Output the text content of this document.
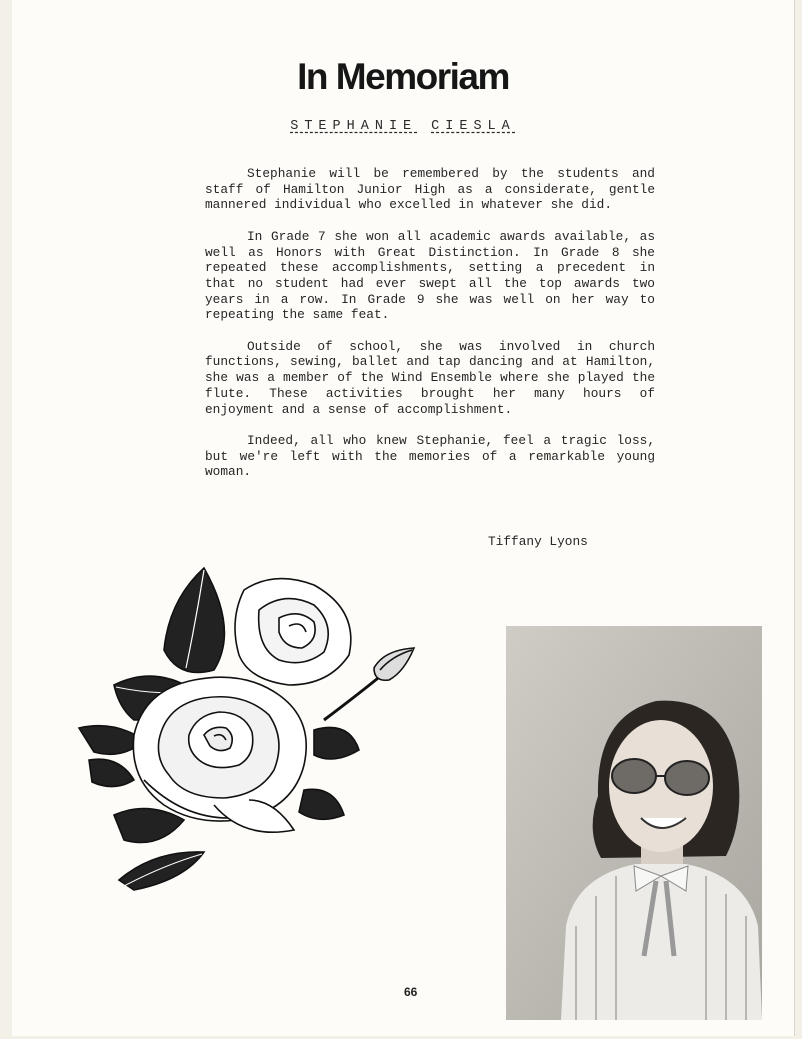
In Memoriam
STEPHANIE CIESLA

Stephanie will be remembered by the students and staff of Hamilton Junior High as a considerate, gentle mannered individual who excelled in whatever she did.

In Grade 7 she won all academic awards available, as well as Honors with Great Distinction. In Grade 8 she repeated these accomplishments, setting a precedent in that no student had ever swept all the top awards two years in a row. In Grade 9 she was well on her way to repeating the same feat.

Outside of school, she was involved in church functions, sewing, ballet and tap dancing and at Hamilton, she was a member of the Wind Ensemble where she played the flute. These activities brought her many hours of enjoyment and a sense of accomplishment.

Indeed, all who knew Stephanie, feel a tragic loss, but we're left with the memories of a remarkable young woman.

Tiffany Lyons
66
